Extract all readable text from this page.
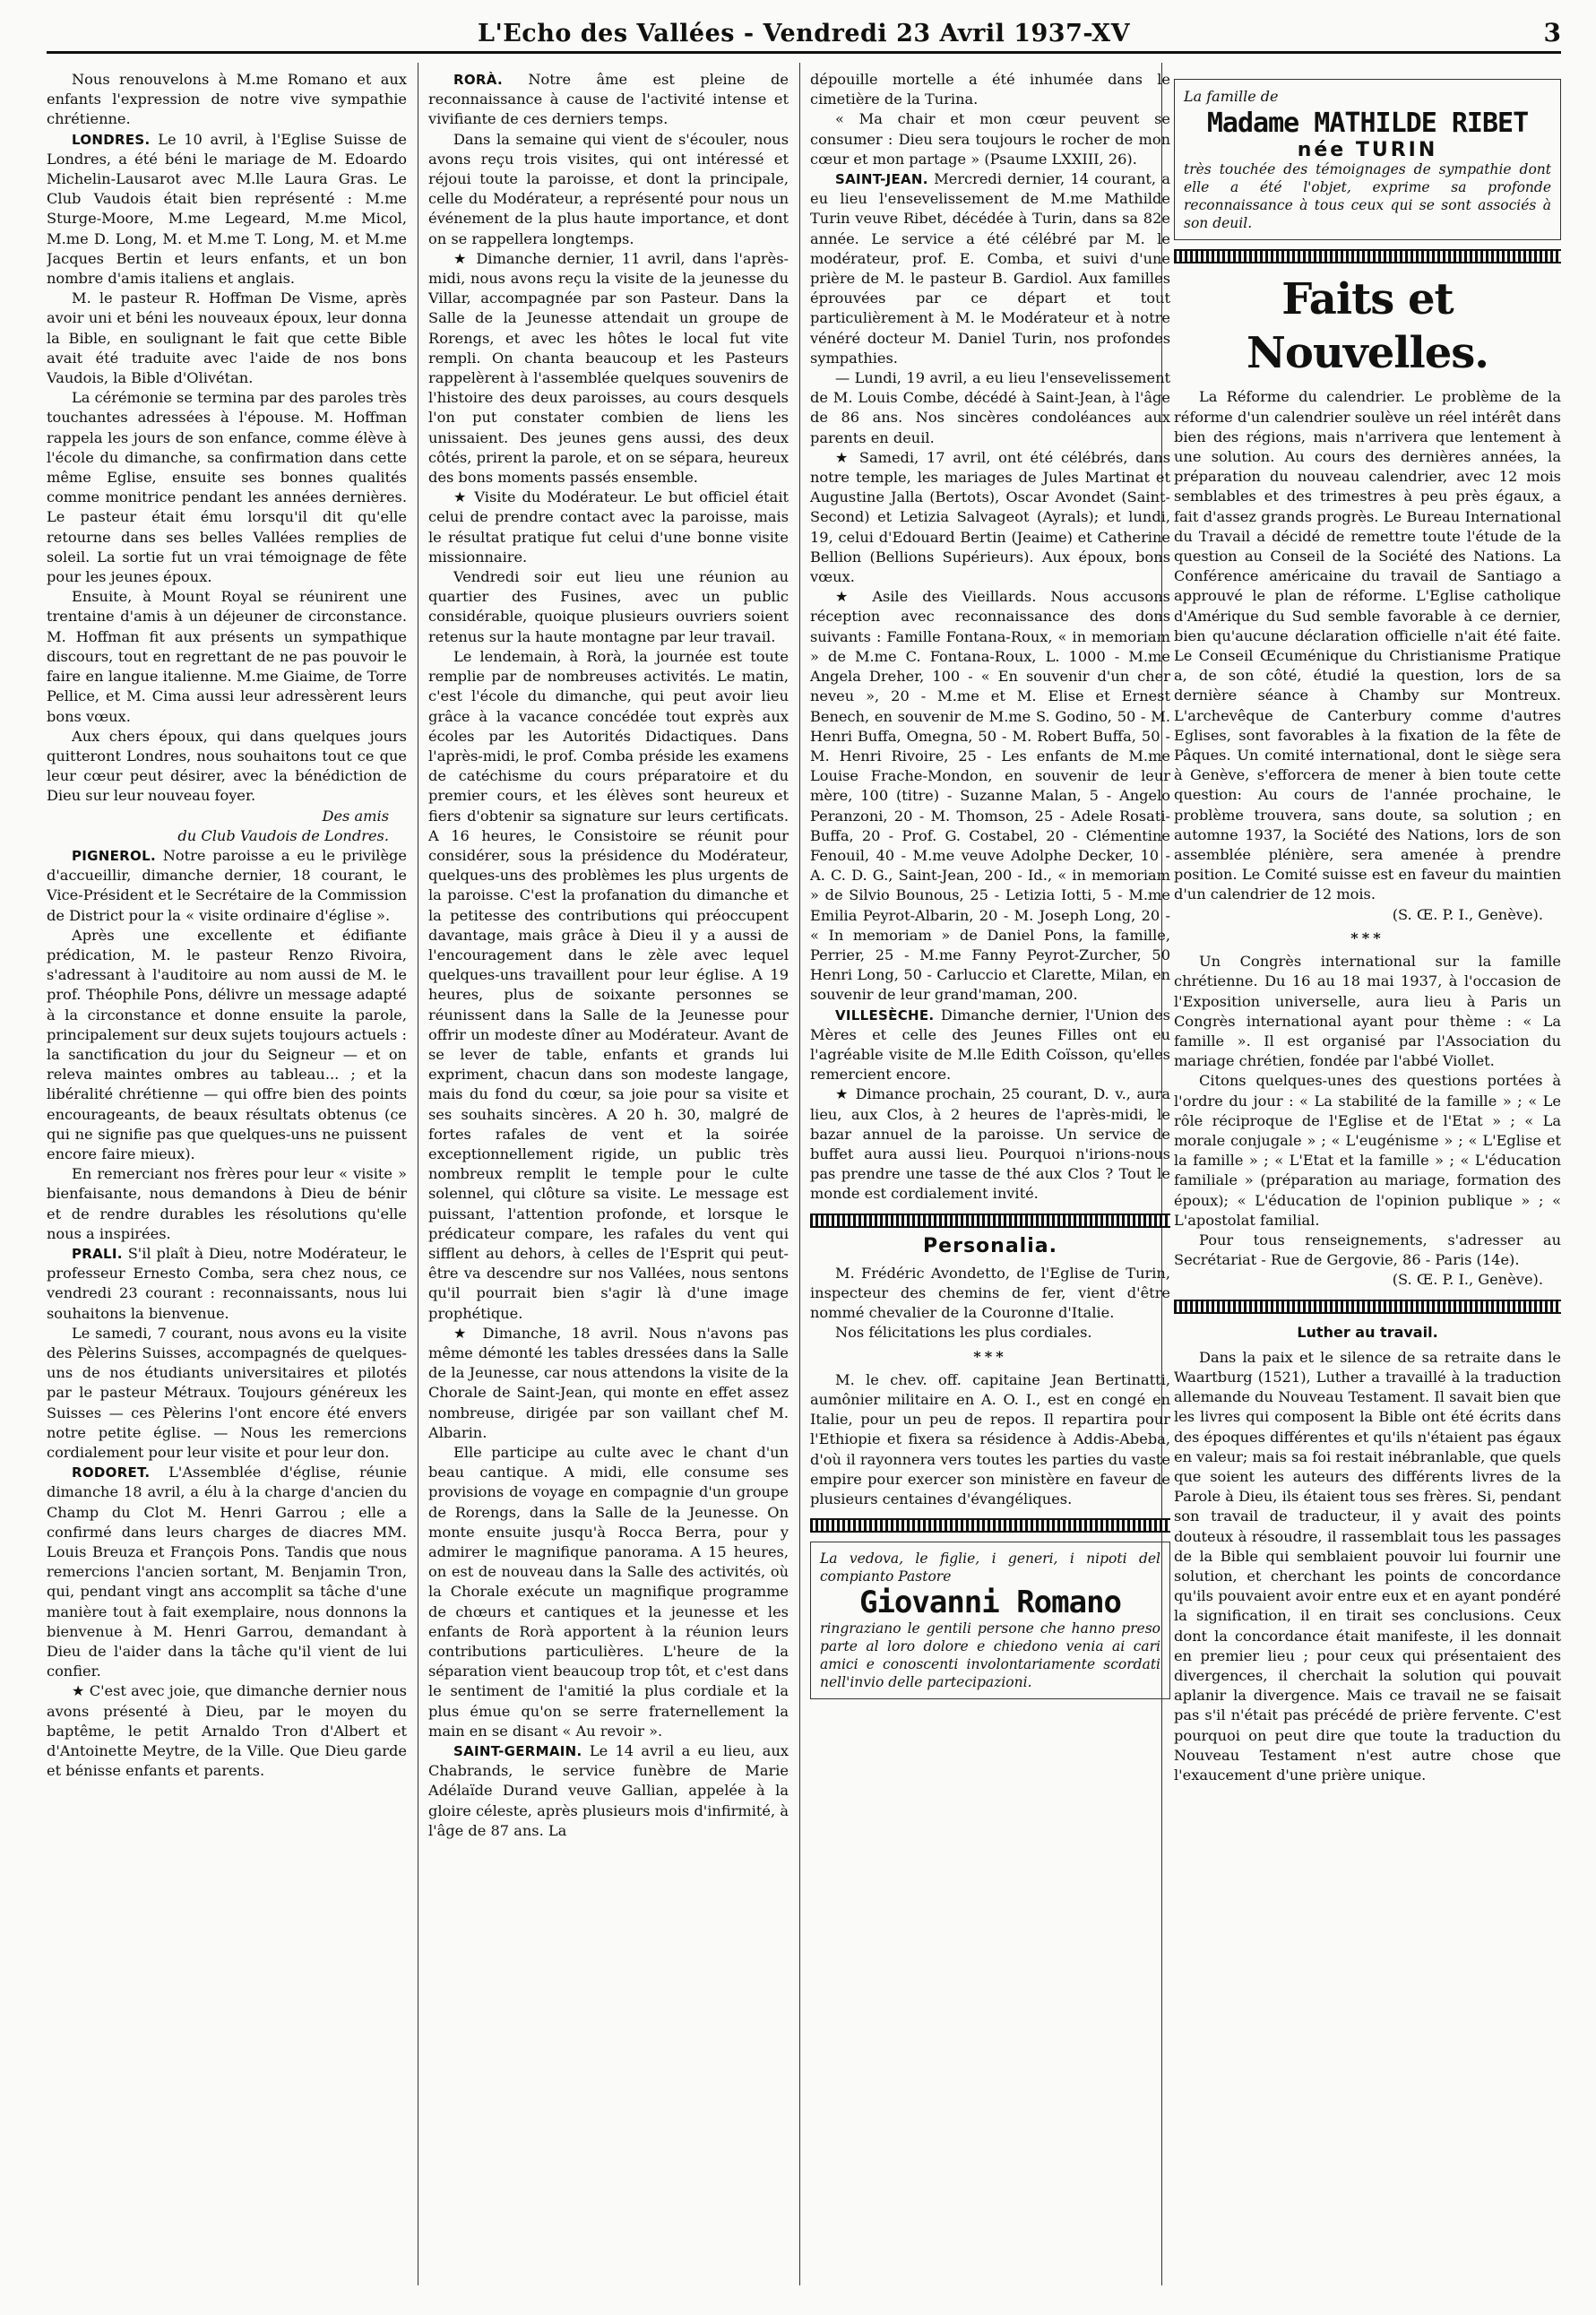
L'Echo des Vallées - Vendredi 23 Avril 1937-XV	3

Nous renouvelons à M.me Romano et aux enfants l'expression de notre vive sympathie chrétienne.

LONDRES. Le 10 avril, à l'Eglise Suisse de Londres, a été béni le mariage de M. Edoardo Michelin-Lausarot avec M.lle Laura Gras. Le Club Vaudois était bien représenté : M.me Sturge-Moore, M.me Legeard, M.me Micol, M.me D. Long, M. et M.me T. Long, M. et M.me Jacques Bertin et leurs enfants, et un bon nombre d'amis italiens et anglais.

M. le pasteur R. Hoffman De Visme, après avoir uni et béni les nouveaux époux, leur donna la Bible, en soulignant le fait que cette Bible avait été traduite avec l'aide de nos bons Vaudois, la Bible d'Olivétan.

La cérémonie se termina par des paroles très touchantes adressées à l'épouse. M. Hoffman rappela les jours de son enfance, comme élève à l'école du dimanche, sa confirmation dans cette même Eglise, ensuite ses bonnes qualités comme monitrice pendant les années dernières. Le pasteur était ému lorsqu'il dit qu'elle retourne dans ses belles Vallées remplies de soleil. La sortie fut un vrai témoignage de fête pour les jeunes époux.

Ensuite, à Mount Royal se réunirent une trentaine d'amis à un déjeuner de circonstance. M. Hoffman fit aux présents un sympathique discours, tout en regrettant de ne pas pouvoir le faire en langue italienne. M.me Giaime, de Torre Pellice, et M. Cima aussi leur adressèrent leurs bons vœux.

Aux chers époux, qui dans quelques jours quitteront Londres, nous souhaitons tout ce que leur cœur peut désirer, avec la bénédiction de Dieu sur leur nouveau foyer.

Des amis

du Club Vaudois de Londres.

PIGNEROL. Notre paroisse a eu le privilège d'accueillir, dimanche dernier, 18 courant, le Vice-Président et le Secrétaire de la Commission de District pour la « visite ordinaire d'église ».

Après une excellente et édifiante prédication, M. le pasteur Renzo Rivoira, s'adressant à l'auditoire au nom aussi de M. le prof. Théophile Pons, délivre un message adapté à la circonstance et donne ensuite la parole, principalement sur deux sujets toujours actuels : la sanctification du jour du Seigneur — et on releva maintes ombres au tableau... ; et la libéralité chrétienne — qui offre bien des points encourageants, de beaux résultats obtenus (ce qui ne signifie pas que quelques-uns ne puissent encore faire mieux).

En remerciant nos frères pour leur « visite » bienfaisante, nous demandons à Dieu de bénir et de rendre durables les résolutions qu'elle nous a inspirées.

PRALI. S'il plaît à Dieu, notre Modérateur, le professeur Ernesto Comba, sera chez nous, ce vendredi 23 courant : reconnaissants, nous lui souhaitons la bienvenue.

Le samedi, 7 courant, nous avons eu la visite des Pèlerins Suisses, accompagnés de quelques-uns de nos étudiants universitaires et pilotés par le pasteur Métraux. Toujours généreux les Suisses — ces Pèlerins l'ont encore été envers notre petite église. — Nous les remercions cordialement pour leur visite et pour leur don.

RODORET. L'Assemblée d'église, réunie dimanche 18 avril, a élu à la charge d'ancien du Champ du Clot M. Henri Garrou ; elle a confirmé dans leurs charges de diacres MM. Louis Breuza et François Pons. Tandis que nous remercions l'ancien sortant, M. Benjamin Tron, qui, pendant vingt ans accomplit sa tâche d'une manière tout à fait exemplaire, nous donnons la bienvenue à M. Henri Garrou, demandant à Dieu de l'aider dans la tâche qu'il vient de lui confier.

★ C'est avec joie, que dimanche dernier nous avons présenté à Dieu, par le moyen du baptême, le petit Arnaldo Tron d'Albert et d'Antoinette Meytre, de la Ville. Que Dieu garde et bénisse enfants et parents.

RORÀ. Notre âme est pleine de reconnaissance à cause de l'activité intense et vivifiante de ces derniers temps.

Dans la semaine qui vient de s'écouler, nous avons reçu trois visites, qui ont intéressé et réjoui toute la paroisse, et dont la principale, celle du Modérateur, a représenté pour nous un événement de la plus haute importance, et dont on se rappellera longtemps.

★ Dimanche dernier, 11 avril, dans l'après-midi, nous avons reçu la visite de la jeunesse du Villar, accompagnée par son Pasteur. Dans la Salle de la Jeunesse attendait un groupe de Rorengs, et avec les hôtes le local fut vite rempli. On chanta beaucoup et les Pasteurs rappelèrent à l'assemblée quelques souvenirs de l'histoire des deux paroisses, au cours desquels l'on put constater combien de liens les unissaient. Des jeunes gens aussi, des deux côtés, prirent la parole, et on se sépara, heureux des bons moments passés ensemble.

★ Visite du Modérateur. Le but officiel était celui de prendre contact avec la paroisse, mais le résultat pratique fut celui d'une bonne visite missionnaire.

Vendredi soir eut lieu une réunion au quartier des Fusines, avec un public considérable, quoique plusieurs ouvriers soient retenus sur la haute montagne par leur travail.

Le lendemain, à Rorà, la journée est toute remplie par de nombreuses activités. Le matin, c'est l'école du dimanche, qui peut avoir lieu grâce à la vacance concédée tout exprès aux écoles par les Autorités Didactiques. Dans l'après-midi, le prof. Comba préside les examens de catéchisme du cours préparatoire et du premier cours, et les élèves sont heureux et fiers d'obtenir sa signature sur leurs certificats. A 16 heures, le Consistoire se réunit pour considérer, sous la présidence du Modérateur, quelques-uns des problèmes les plus urgents de la paroisse. C'est la profanation du dimanche et la petitesse des contributions qui préoccupent davantage, mais grâce à Dieu il y a aussi de l'encouragement dans le zèle avec lequel quelques-uns travaillent pour leur église. A 19 heures, plus de soixante personnes se réunissent dans la Salle de la Jeunesse pour offrir un modeste dîner au Modérateur. Avant de se lever de table, enfants et grands lui expriment, chacun dans son modeste langage, mais du fond du cœur, sa joie pour sa visite et ses souhaits sincères. A 20 h. 30, malgré de fortes rafales de vent et la soirée exceptionnellement rigide, un public très nombreux remplit le temple pour le culte solennel, qui clôture sa visite. Le message est puissant, l'attention profonde, et lorsque le prédicateur compare, les rafales du vent qui sifflent au dehors, à celles de l'Esprit qui peut-être va descendre sur nos Vallées, nous sentons qu'il pourrait bien s'agir là d'une image prophétique.

★ Dimanche, 18 avril. Nous n'avons pas même démonté les tables dressées dans la Salle de la Jeunesse, car nous attendons la visite de la Chorale de Saint-Jean, qui monte en effet assez nombreuse, dirigée par son vaillant chef M. Albarin.

Elle participe au culte avec le chant d'un beau cantique. A midi, elle consume ses provisions de voyage en compagnie d'un groupe de Rorengs, dans la Salle de la Jeunesse. On monte ensuite jusqu'à Rocca Berra, pour y admirer le magnifique panorama. A 15 heures, on est de nouveau dans la Salle des activités, où la Chorale exécute un magnifique programme de chœurs et cantiques et la jeunesse et les enfants de Rorà apportent à la réunion leurs contributions particulières. L'heure de la séparation vient beaucoup trop tôt, et c'est dans le sentiment de l'amitié la plus cordiale et la plus émue qu'on se serre fraternellement la main en se disant « Au revoir ».

SAINT-GERMAIN. Le 14 avril a eu lieu, aux Chabrands, le service funèbre de Marie Adélaïde Durand veuve Gallian, appelée à la gloire céleste, après plusieurs mois d'infirmité, à l'âge de 87 ans. La

dépouille mortelle a été inhumée dans le cimetière de la Turina.

« Ma chair et mon cœur peuvent se consumer : Dieu sera toujours le rocher de mon cœur et mon partage » (Psaume LXXIII, 26).

SAINT-JEAN. Mercredi dernier, 14 courant, a eu lieu l'ensevelissement de M.me Mathilde Turin veuve Ribet, décédée à Turin, dans sa 82e année. Le service a été célébré par M. le modérateur, prof. E. Comba, et suivi d'une prière de M. le pasteur B. Gardiol. Aux familles éprouvées par ce départ et tout particulièrement à M. le Modérateur et à notre vénéré docteur M. Daniel Turin, nos profondes sympathies.

— Lundi, 19 avril, a eu lieu l'ensevelissement de M. Louis Combe, décédé à Saint-Jean, à l'âge de 86 ans. Nos sincères condoléances aux parents en deuil.

★ Samedi, 17 avril, ont été célébrés, dans notre temple, les mariages de Jules Martinat et Augustine Jalla (Bertots), Oscar Avondet (Saint-Second) et Letizia Salvageot (Ayrals); et lundi, 19, celui d'Edouard Bertin (Jeaime) et Catherine Bellion (Bellions Supérieurs). Aux époux, bons vœux.

★ Asile des Vieillards. Nous accusons réception avec reconnaissance des dons suivants : Famille Fontana-Roux, « in memoriam » de M.me C. Fontana-Roux, L. 1000 - M.me Angela Dreher, 100 - « En souvenir d'un cher neveu », 20 - M.me et M. Elise et Ernest Benech, en souvenir de M.me S. Godino, 50 - M. Henri Buffa, Omegna, 50 - M. Robert Buffa, 50 - M. Henri Rivoire, 25 - Les enfants de M.me Louise Frache-Mondon, en souvenir de leur mère, 100 (titre) - Suzanne Malan, 5 - Angelo Peranzoni, 20 - M. Thomson, 25 - Adele Rosati-Buffa, 20 - Prof. G. Costabel, 20 - Clémentine Fenouil, 40 - M.me veuve Adolphe Decker, 10 - A. C. D. G., Saint-Jean, 200 - Id., « in memoriam » de Silvio Bounous, 25 - Letizia Iotti, 5 - M.me Emilia Peyrot-Albarin, 20 - M. Joseph Long, 20 - « In memoriam » de Daniel Pons, la famille, Perrier, 25 - M.me Fanny Peyrot-Zurcher, 50 Henri Long, 50 - Carluccio et Clarette, Milan, en souvenir de leur grand'maman, 200.

VILLESÈCHE. Dimanche dernier, l'Union des Mères et celle des Jeunes Filles ont eu l'agréable visite de M.lle Edith Coïsson, qu'elles remercient encore.

★ Dimance prochain, 25 courant, D. v., aura lieu, aux Clos, à 2 heures de l'après-midi, le bazar annuel de la paroisse. Un service de buffet aura aussi lieu. Pourquoi n'irions-nous pas prendre une tasse de thé aux Clos ? Tout le monde est cordialement invité.

Personalia.

M. Frédéric Avondetto, de l'Eglise de Turin, inspecteur des chemins de fer, vient d'être nommé chevalier de la Couronne d'Italie.

Nos félicitations les plus cordiales.

***

M. le chev. off. capitaine Jean Bertinatti, aumônier militaire en A. O. I., est en congé en Italie, pour un peu de repos. Il repartira pour l'Ethiopie et fixera sa résidence à Addis-Abeba, d'où il rayonnera vers toutes les parties du vaste empire pour exercer son ministère en faveur de plusieurs centaines d'évangéliques.

La vedova, le figlie, i generi, i nipoti del compianto Pastore

Giovanni Romano

ringraziano le gentili persone che hanno preso parte al loro dolore e chiedono venia ai cari amici e conoscenti involontariamente scordati nell'invio delle partecipazioni.

La famille de

Madame MATHILDE RIBET
née TURIN

très touchée des témoignages de sympathie dont elle a été l'objet, exprime sa profonde reconnaissance à tous ceux qui se sont associés à son deuil.

Faits et Nouvelles.

La Réforme du calendrier. Le problème de la réforme d'un calendrier soulève un réel intérêt dans bien des régions, mais n'arrivera que lentement à une solution. Au cours des dernières années, la préparation du nouveau calendrier, avec 12 mois semblables et des trimestres à peu près égaux, a fait d'assez grands progrès. Le Bureau International du Travail a décidé de remettre toute l'étude de la question au Conseil de la Société des Nations. La Conférence américaine du travail de Santiago a approuvé le plan de réforme. L'Eglise catholique d'Amérique du Sud semble favorable à ce dernier, bien qu'aucune déclaration officielle n'ait été faite. Le Conseil Œcuménique du Christianisme Pratique a, de son côté, étudié la question, lors de sa dernière séance à Chamby sur Montreux. L'archevêque de Canterbury comme d'autres Eglises, sont favorables à la fixation de la fête de Pâques. Un comité international, dont le siège sera à Genève, s'efforcera de mener à bien toute cette question: Au cours de l'année prochaine, le problème trouvera, sans doute, sa solution ; en automne 1937, la Société des Nations, lors de son assemblée plénière, sera amenée à prendre position. Le Comité suisse est en faveur du maintien d'un calendrier de 12 mois.

(S. Œ. P. I., Genève).

***

Un Congrès international sur la famille chrétienne. Du 16 au 18 mai 1937, à l'occasion de l'Exposition universelle, aura lieu à Paris un Congrès international ayant pour thème : « La famille ». Il est organisé par l'Association du mariage chrétien, fondée par l'abbé Viollet.

Citons quelques-unes des questions portées à l'ordre du jour : « La stabilité de la famille » ; « Le rôle réciproque de l'Eglise et de l'Etat » ; « La morale conjugale » ; « L'eugénisme » ; « L'Eglise et la famille » ; « L'Etat et la famille » ; « L'éducation familiale » (préparation au mariage, formation des époux); « L'éducation de l'opinion publique » ; « L'apostolat familial.

Pour tous renseignements, s'adresser au Secrétariat - Rue de Gergovie, 86 - Paris (14e).

(S. Œ. P. I., Genève).

Luther au travail.

Dans la paix et le silence de sa retraite dans le Waartburg (1521), Luther a travaillé à la traduction allemande du Nouveau Testament. Il savait bien que les livres qui composent la Bible ont été écrits dans des époques différentes et qu'ils n'étaient pas égaux en valeur; mais sa foi restait inébranlable, que quels que soient les auteurs des différents livres de la Parole à Dieu, ils étaient tous ses frères. Si, pendant son travail de traducteur, il y avait des points douteux à résoudre, il rassemblait tous les passages de la Bible qui semblaient pouvoir lui fournir une solution, et cherchant les points de concordance qu'ils pouvaient avoir entre eux et en ayant pondéré la signification, il en tirait ses conclusions. Ceux dont la concordance était manifeste, il les donnait en premier lieu ; pour ceux qui présentaient des divergences, il cherchait la solution qui pouvait aplanir la divergence. Mais ce travail ne se faisait pas s'il n'était pas précédé de prière fervente. C'est pourquoi on peut dire que toute la traduction du Nouveau Testament n'est autre chose que l'exaucement d'une prière unique.
